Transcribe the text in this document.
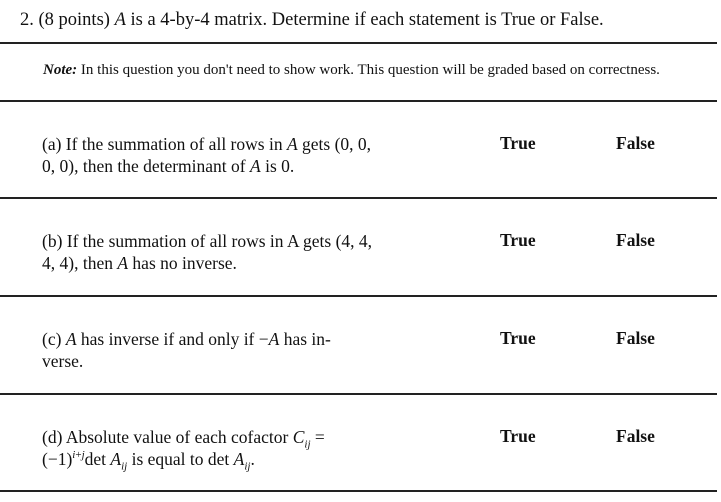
2. (8 points) A is a 4-by-4 matrix. Determine if each statement is True or False.
Note: In this question you don't need to show work. This question will be graded based on correctness.
(a) If the summation of all rows in A gets (0, 0, 0, 0), then the determinant of A is 0.
True	False
(b) If the summation of all rows in A gets (4, 4, 4, 4), then A has no inverse.
True	False
(c) A has inverse if and only if −A has in-
verse.
True	False
(d) Absolute value of each cofactor $C_{ij}$ =
$(-1)^{i+j}\det$ $A_{ij}$ is equal to $\det A_{ij}$.
True	False
